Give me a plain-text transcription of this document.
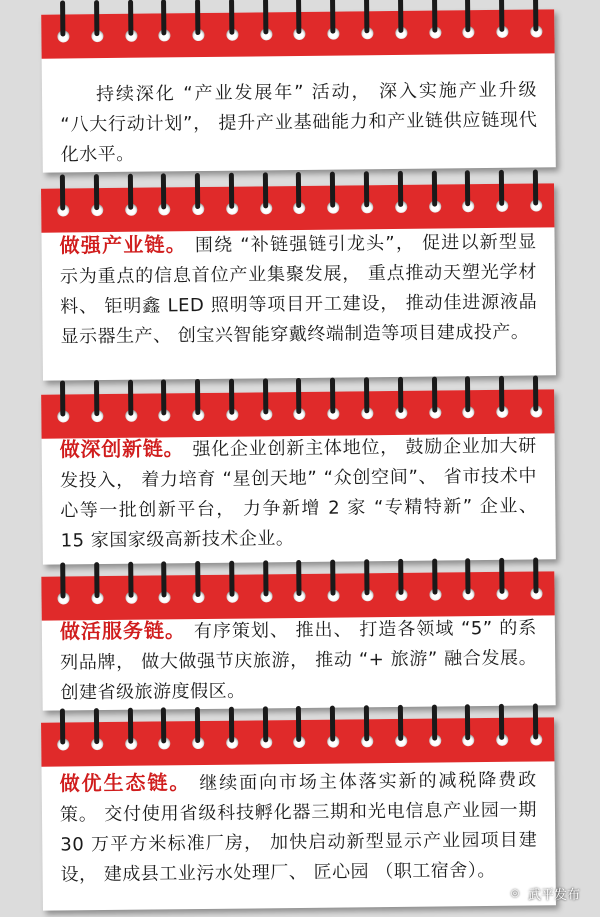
持续深化 “产业发展年” 活动， 深入实施产业升级 “八大行动计划”， 提升产业基础能力和产业链供应链现代化水平。
做强产业链。 围绕 “补链强链引龙头”， 促进以新型显示为重点的信息首位产业集聚发展， 重点推动天塑光学材料、 钜明鑫 LED 照明等项目开工建设， 推动佳进源液晶显示器生产、 创宝兴智能穿戴终端制造等项目建成投产。
做深创新链。 强化企业创新主体地位， 鼓励企业加大研发投入， 着力培育 “星创天地” “众创空间”、 省市技术中心等一批创新平台， 力争新增 2 家 “专精特新” 企业、 15 家国家级高新技术企业。
做活服务链。 有序策划、 推出、 打造各领域 “5” 的系列品牌， 做大做强节庆旅游， 推动 “+ 旅游” 融合发展。 创建省级旅游度假区。
做优生态链。 继续面向市场主体落实新的减税降费政策。 交付使用省级科技孵化器三期和光电信息产业园一期 30 万平方米标准厂房， 加快启动新型显示产业园项目建设， 建成县工业污水处理厂、 匠心园 （职工宿舍）。
◎ 武平发布
